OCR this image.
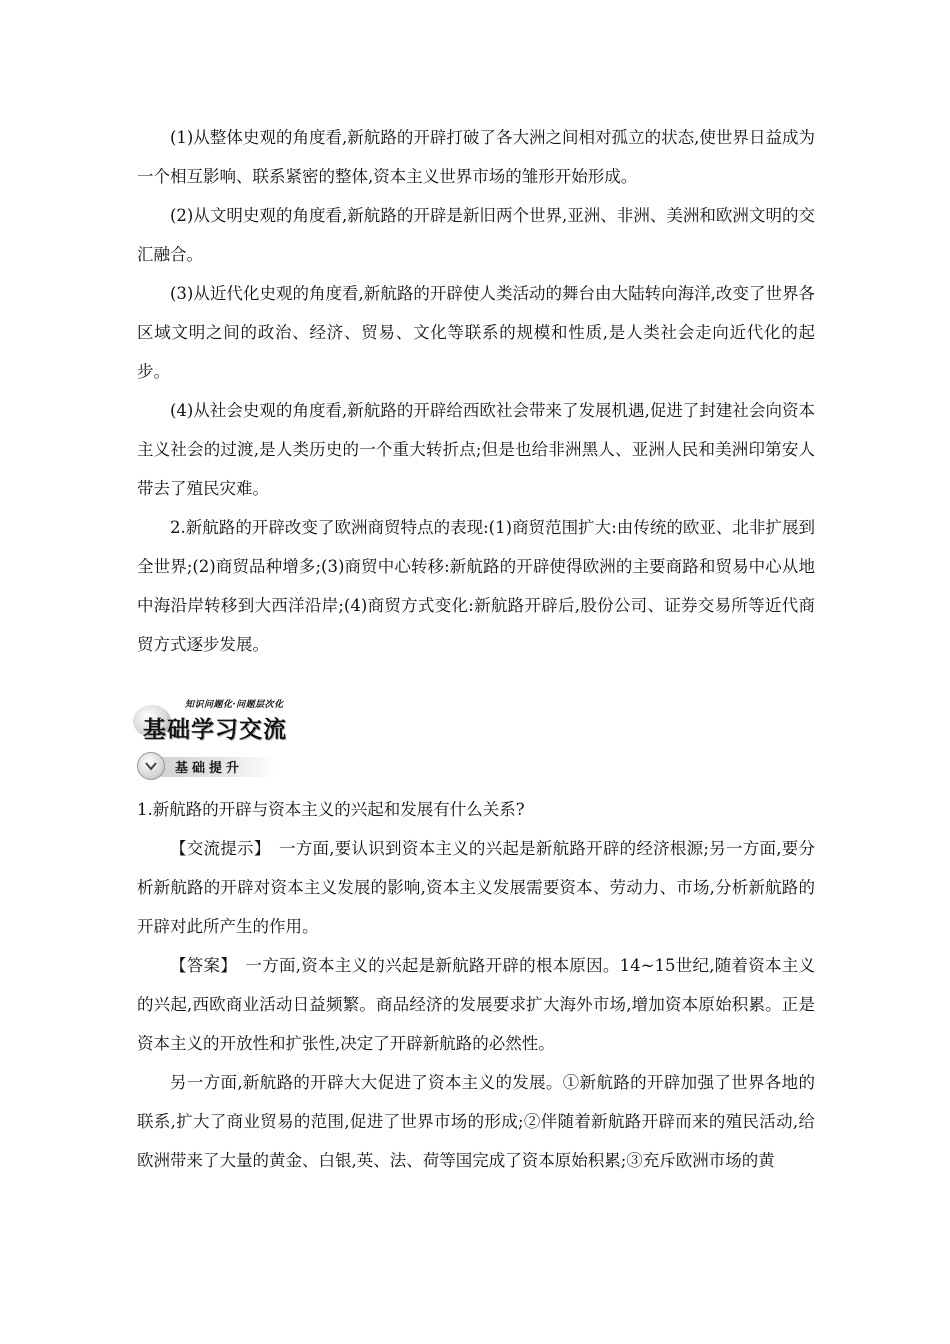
(1)从整体史观的角度看,新航路的开辟打破了各大洲之间相对孤立的状态,使世界日益成为一个相互影响、联系紧密的整体,资本主义世界市场的雏形开始形成。

(2)从文明史观的角度看,新航路的开辟是新旧两个世界,亚洲、非洲、美洲和欧洲文明的交汇融合。

(3)从近代化史观的角度看,新航路的开辟使人类活动的舞台由大陆转向海洋,改变了世界各区域文明之间的政治、经济、贸易、文化等联系的规模和性质,是人类社会走向近代化的起步。

(4)从社会史观的角度看,新航路的开辟给西欧社会带来了发展机遇,促进了封建社会向资本主义社会的过渡,是人类历史的一个重大转折点;但是也给非洲黑人、亚洲人民和美洲印第安人带去了殖民灾难。

2.新航路的开辟改变了欧洲商贸特点的表现:(1)商贸范围扩大:由传统的欧亚、北非扩展到全世界;(2)商贸品种增多;(3)商贸中心转移:新航路的开辟使得欧洲的主要商路和贸易中心从地中海沿岸转移到大西洋沿岸;(4)商贸方式变化:新航路开辟后,股份公司、证券交易所等近代商贸方式逐步发展。

知识问题化·问题层次化
基础学习交流
基础提升

1.新航路的开辟与资本主义的兴起和发展有什么关系?

【交流提示】　一方面,要认识到资本主义的兴起是新航路开辟的经济根源;另一方面,要分析新航路的开辟对资本主义发展的影响,资本主义发展需要资本、劳动力、市场,分析新航路的开辟对此所产生的作用。

【答案】　一方面,资本主义的兴起是新航路开辟的根本原因。14~15世纪,随着资本主义的兴起,西欧商业活动日益频繁。商品经济的发展要求扩大海外市场,增加资本原始积累。正是资本主义的开放性和扩张性,决定了开辟新航路的必然性。

另一方面,新航路的开辟大大促进了资本主义的发展。①新航路的开辟加强了世界各地的联系,扩大了商业贸易的范围,促进了世界市场的形成;②伴随着新航路开辟而来的殖民活动,给欧洲带来了大量的黄金、白银,英、法、荷等国完成了资本原始积累;③充斥欧洲市场的黄
